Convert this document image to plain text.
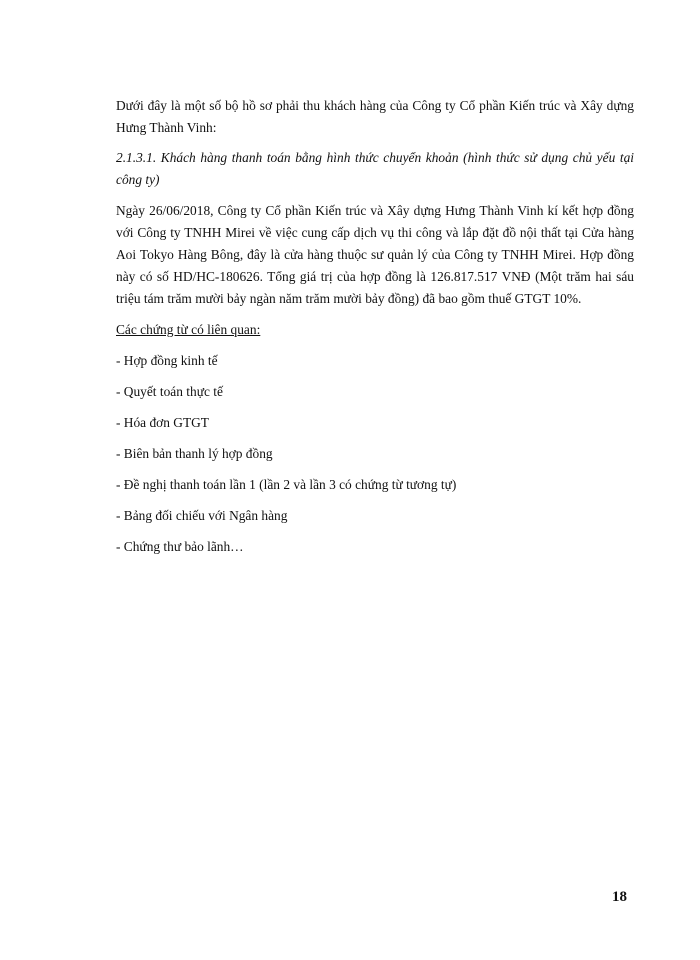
Dưới đây là một số bộ hồ sơ phải thu khách hàng của Công ty Cổ phần Kiến trúc và Xây dựng Hưng Thành Vinh:

2.1.3.1. Khách hàng thanh toán bằng hình thức chuyển khoản (hình thức sử dụng chủ yếu tại công ty)

Ngày 26/06/2018, Công ty Cổ phần Kiến trúc và Xây dựng Hưng Thành Vinh kí kết hợp đồng với Công ty TNHH Mirei về việc cung cấp dịch vụ thi công và lắp đặt đồ nội thất tại Cửa hàng Aoi Tokyo Hàng Bông, đây là cửa hàng thuộc sư quản lý của Công ty TNHH Mirei. Hợp đồng này có số HD/HC-180626. Tổng giá trị của hợp đồng là 126.817.517 VNĐ (Một trăm hai sáu triệu tám trăm mười bảy ngàn năm trăm mười bảy đồng) đã bao gồm thuế GTGT 10%.

Các chứng từ có liên quan:

- Hợp đồng kinh tế

- Quyết toán thực tế

- Hóa đơn GTGT

- Biên bản thanh lý hợp đồng

- Đề nghị thanh toán lần 1 (lần 2 và lần 3 có chứng từ tương tự)

- Bảng đối chiếu với Ngân hàng

- Chứng thư bảo lãnh…

18
